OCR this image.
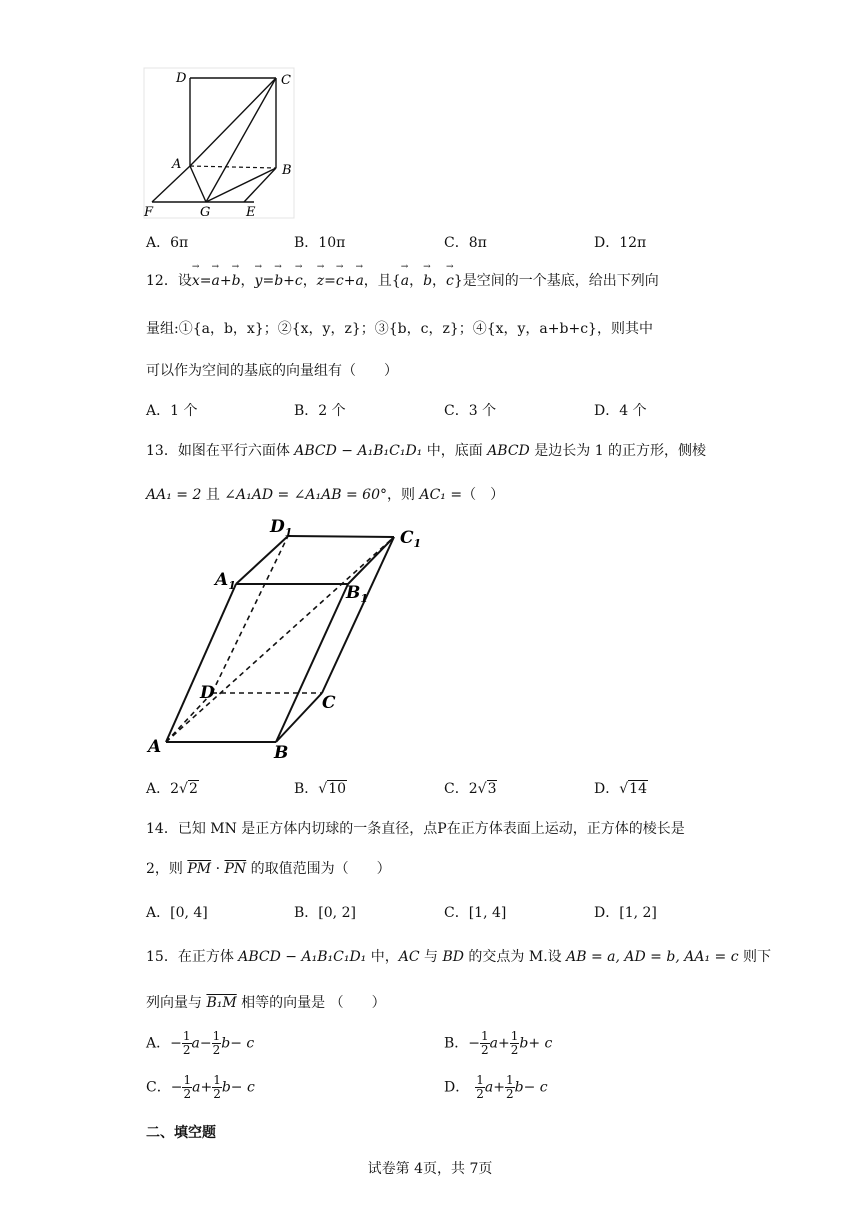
D	C
A	B
F	G	E
A．6π	B．10π	C．8π	D．12π
12．设→ x=→ a+→ b，→ y=→ b+→ c，→ z=→ c+→ a，且{→ a，→ b，→ c}是空间的一个基底，给出下列向
量组:①{a，b，x}；②{x，y，z}；③{b，c，z}；④{x，y，a+b+c}，则其中
可以作为空间的基底的向量组有（　　）
A．1 个	B．2 个	C．3 个	D．4 个
13．如图在平行六面体 ABCD − A₁B₁C₁D₁ 中，底面 ABCD 是边长为 1 的正方形，侧棱
AA₁ = 2 且 ∠A₁AD = ∠A₁AB = 60°，则 AC₁ =（　）
$D_1$	$C_1$
$A_1$	$B_1$
D	C
A	B
A．2√2	B．√10	C．2√3	D．√14
14．已知 MN 是正方体内切球的一条直径，点P在正方体表面上运动，正方体的棱长是
2，则 $\overline{PM} \cdot \overline{PN}$ 的取值范围为（　　）
A．[0, 4]	B．[0, 2]	C．[1, 4]	D．[1, 2]
15．在正方体 ABCD − A₁B₁C₁D₁ 中，AC 与 BD 的交点为 M.设 AB = a, AD = b, AA₁ = c 则下
列向量与 B₁M 相等的向量是 （　　）
A．− $\frac{1}{2} a- \frac{1}{2} b- c$	B．− $\frac{1}{2} a+ \frac{1}{2} b+ c$
C．− $\frac{1}{2} a+ \frac{1}{2} b- c$	D． $\frac{1}{2} a+ \frac{1}{2} b- c$
二、填空题
试卷第 4页，共 7页
